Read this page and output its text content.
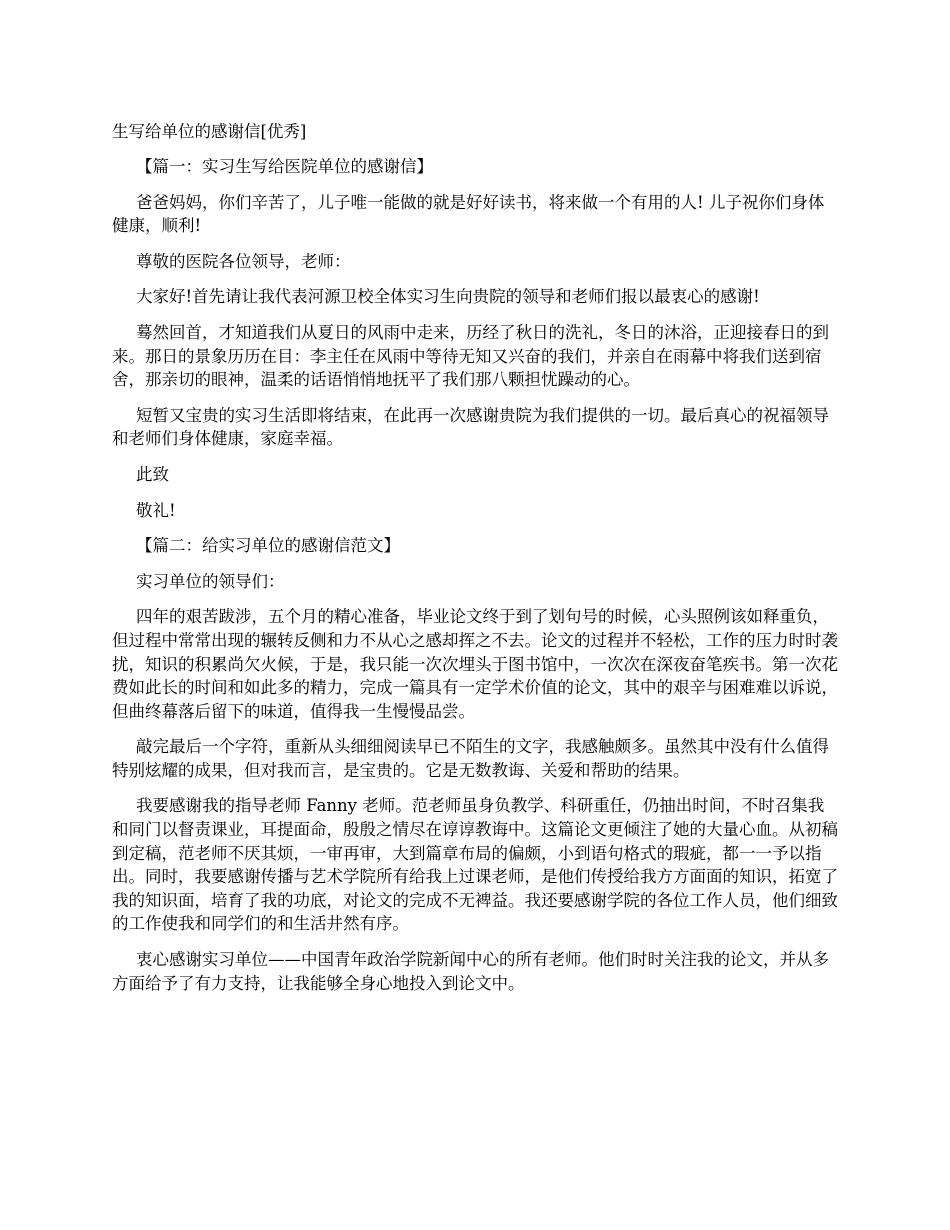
生写给单位的感谢信[优秀]

【篇一：实习生写给医院单位的感谢信】

爸爸妈妈，你们辛苦了，儿子唯一能做的就是好好读书，将来做一个有用的人! 儿子祝你们身体健康，顺利!

尊敬的医院各位领导，老师：

大家好!首先请让我代表河源卫校全体实习生向贵院的领导和老师们报以最衷心的感谢!

蓦然回首，才知道我们从夏日的风雨中走来，历经了秋日的洗礼，冬日的沐浴，正迎接春日的到来。那日的景象历历在目：李主任在风雨中等待无知又兴奋的我们，并亲自在雨幕中将我们送到宿舍，那亲切的眼神，温柔的话语悄悄地抚平了我们那八颗担忧躁动的心。

短暂又宝贵的实习生活即将结束，在此再一次感谢贵院为我们提供的一切。最后真心的祝福领导和老师们身体健康，家庭幸福。

此致

敬礼!

【篇二：给实习单位的感谢信范文】

实习单位的领导们：

四年的艰苦跋涉，五个月的精心准备，毕业论文终于到了划句号的时候，心头照例该如释重负，但过程中常常出现的辗转反侧和力不从心之感却挥之不去。论文的过程并不轻松，工作的压力时时袭扰，知识的积累尚欠火候，于是，我只能一次次埋头于图书馆中，一次次在深夜奋笔疾书。第一次花费如此长的时间和如此多的精力，完成一篇具有一定学术价值的论文，其中的艰辛与困难难以诉说，但曲终幕落后留下的味道，值得我一生慢慢品尝。

敲完最后一个字符，重新从头细细阅读早已不陌生的文字，我感触颇多。虽然其中没有什么值得特别炫耀的成果，但对我而言，是宝贵的。它是无数教诲、关爱和帮助的结果。

我要感谢我的指导老师 Fanny 老师。范老师虽身负教学、科研重任，仍抽出时间，不时召集我和同门以督责课业，耳提面命，殷殷之情尽在谆谆教诲中。这篇论文更倾注了她的大量心血。从初稿到定稿，范老师不厌其烦，一审再审，大到篇章布局的偏颇，小到语句格式的瑕疵，都一一予以指出。同时，我要感谢传播与艺术学院所有给我上过课老师，是他们传授给我方方面面的知识，拓宽了我的知识面，培育了我的功底，对论文的完成不无裨益。我还要感谢学院的各位工作人员，他们细致的工作使我和同学们的和生活井然有序。

衷心感谢实习单位——中国青年政治学院新闻中心的所有老师。他们时时关注我的论文，并从多方面给予了有力支持，让我能够全身心地投入到论文中。
